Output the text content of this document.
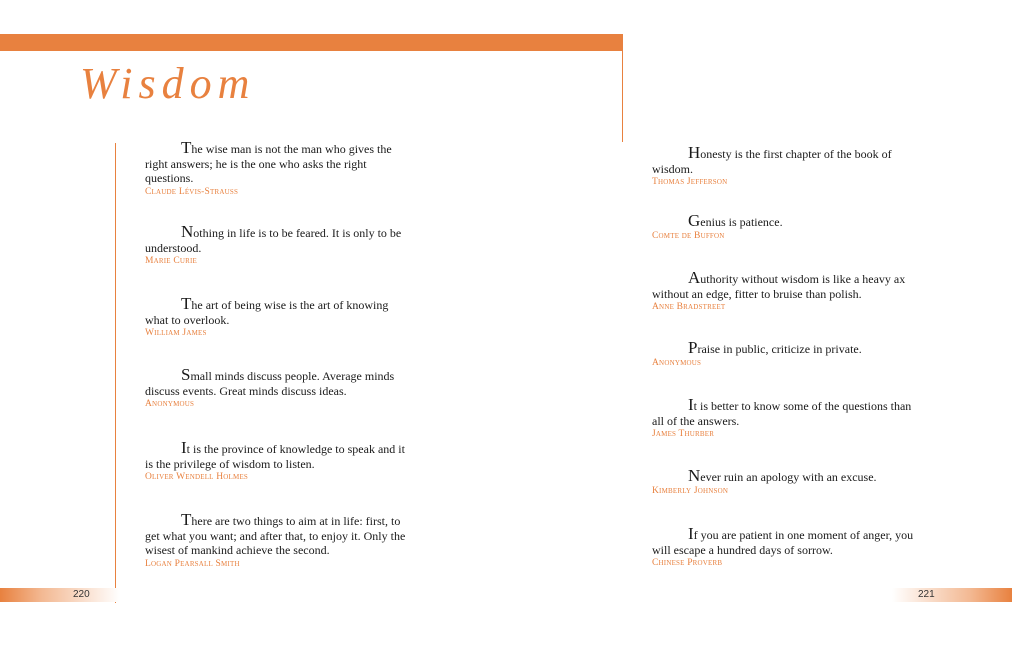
Wisdom

The wise man is not the man who gives the right answers; he is the one who asks the right questions.

Claude Lévis-Strauss

Nothing in life is to be feared. It is only to be understood.

Marie Curie

The art of being wise is the art of knowing what to overlook.

William James

Small minds discuss people. Average minds discuss events. Great minds discuss ideas.

Anonymous

It is the province of knowledge to speak and it is the privilege of wisdom to listen.

Oliver Wendell Holmes

There are two things to aim at in life: first, to get what you want; and after that, to enjoy it. Only the wisest of mankind achieve the second.

Logan Pearsall Smith

Honesty is the first chapter of the book of wisdom.

Thomas Jefferson

Genius is patience.

Comte de Buffon

Authority without wisdom is like a heavy ax without an edge, fitter to bruise than polish.

Anne Bradstreet

Praise in public, criticize in private.

Anonymous

It is better to know some of the questions than all of the answers.

James Thurber

Never ruin an apology with an excuse.

Kimberly Johnson

If you are patient in one moment of anger, you will escape a hundred days of sorrow.

Chinese Proverb
220	221
